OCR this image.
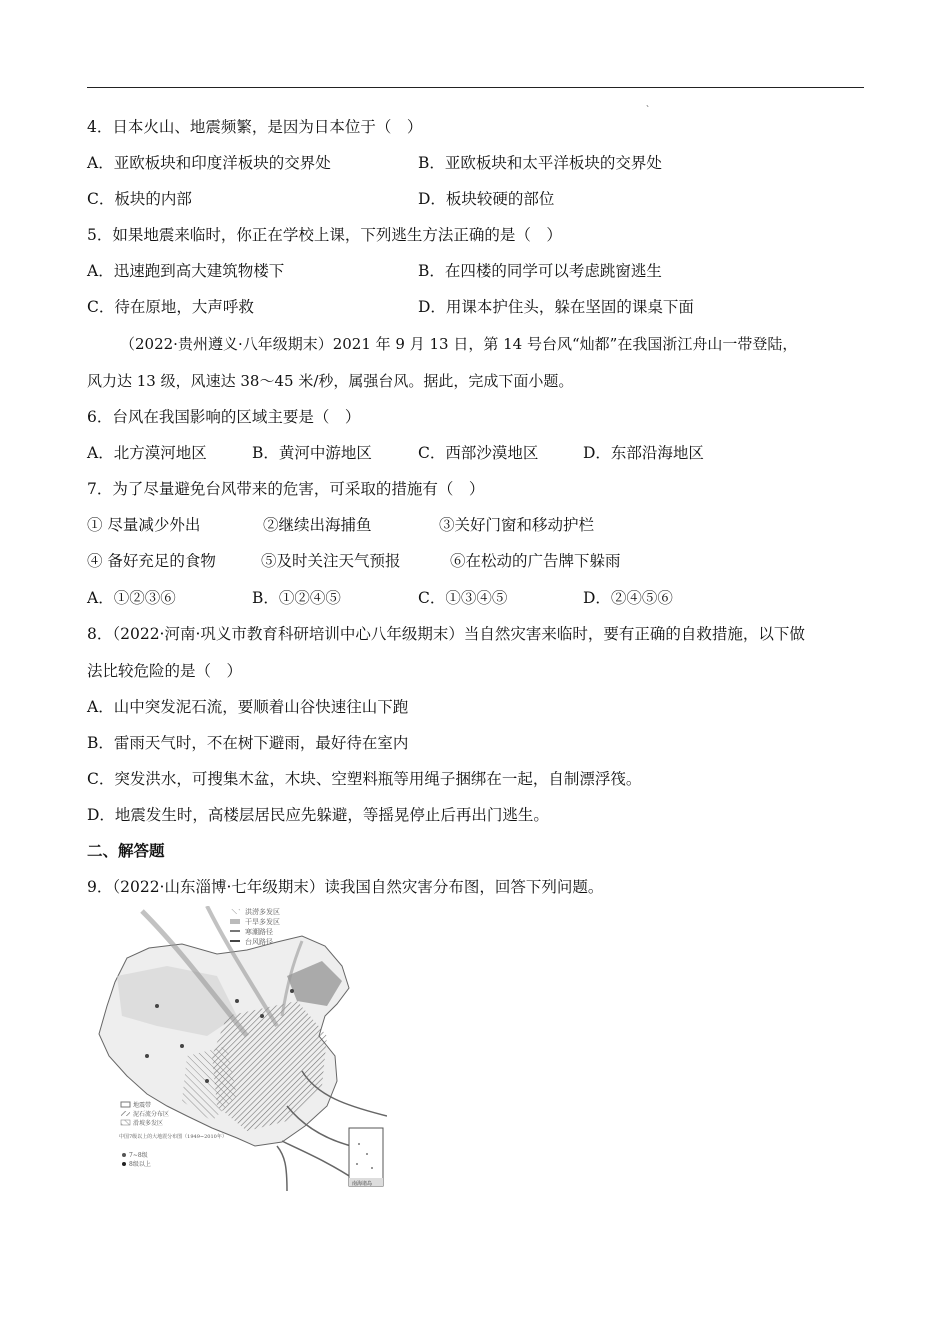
、
4．日本火山、地震频繁，是因为日本位于（　）
A．亚欧板块和印度洋板块的交界处	B．亚欧板块和太平洋板块的交界处
C．板块的内部	D．板块较硬的部位
5．如果地震来临时，你正在学校上课，下列逃生方法正确的是（　）
A．迅速跑到高大建筑物楼下	B．在四楼的同学可以考虑跳窗逃生
C．待在原地，大声呼救	D．用课本护住头，躲在坚固的课桌下面
（2022·贵州遵义·八年级期末）2021 年 9 月 13 日，第 14 号台风“灿都”在我国浙江舟山一带登陆，
风力达 13 级，风速达 38～45 米/秒，属强台风。据此，完成下面小题。
6．台风在我国影响的区域主要是（　）
A．北方漠河地区	B．黄河中游地区	C．西部沙漠地区	D．东部沿海地区
7．为了尽量避免台风带来的危害，可采取的措施有（　）
① 尽量减少外出	②继续出海捕鱼	③关好门窗和移动护栏
④ 备好充足的食物	⑤及时关注天气预报	⑥在松动的广告牌下躲雨
A．①②③⑥	B．①②④⑤	C．①③④⑤	D．②④⑤⑥
8．（2022·河南·巩义市教育科研培训中心八年级期末）当自然灾害来临时，要有正确的自救措施，以下做
法比较危险的是（　）
A．山中突发泥石流，要顺着山谷快速往山下跑
B．雷雨天气时，不在树下避雨，最好待在室内
C．突发洪水，可搜集木盆，木块、空塑料瓶等用绳子捆绑在一起，自制漂浮筏。
D．地震发生时，高楼层居民应先躲避，等摇晃停止后再出门逃生。
二、解答题
9．（2022·山东淄博·七年级期末）读我国自然灾害分布图，回答下列问题。
洪涝多发区
干旱多发区
寒潮路径
台风路径
地震带
泥石流分布区
滑坡多发区
中国7级以上的大地震分布图（1949~2010年）
7~8级
8级以上
南海诸岛
